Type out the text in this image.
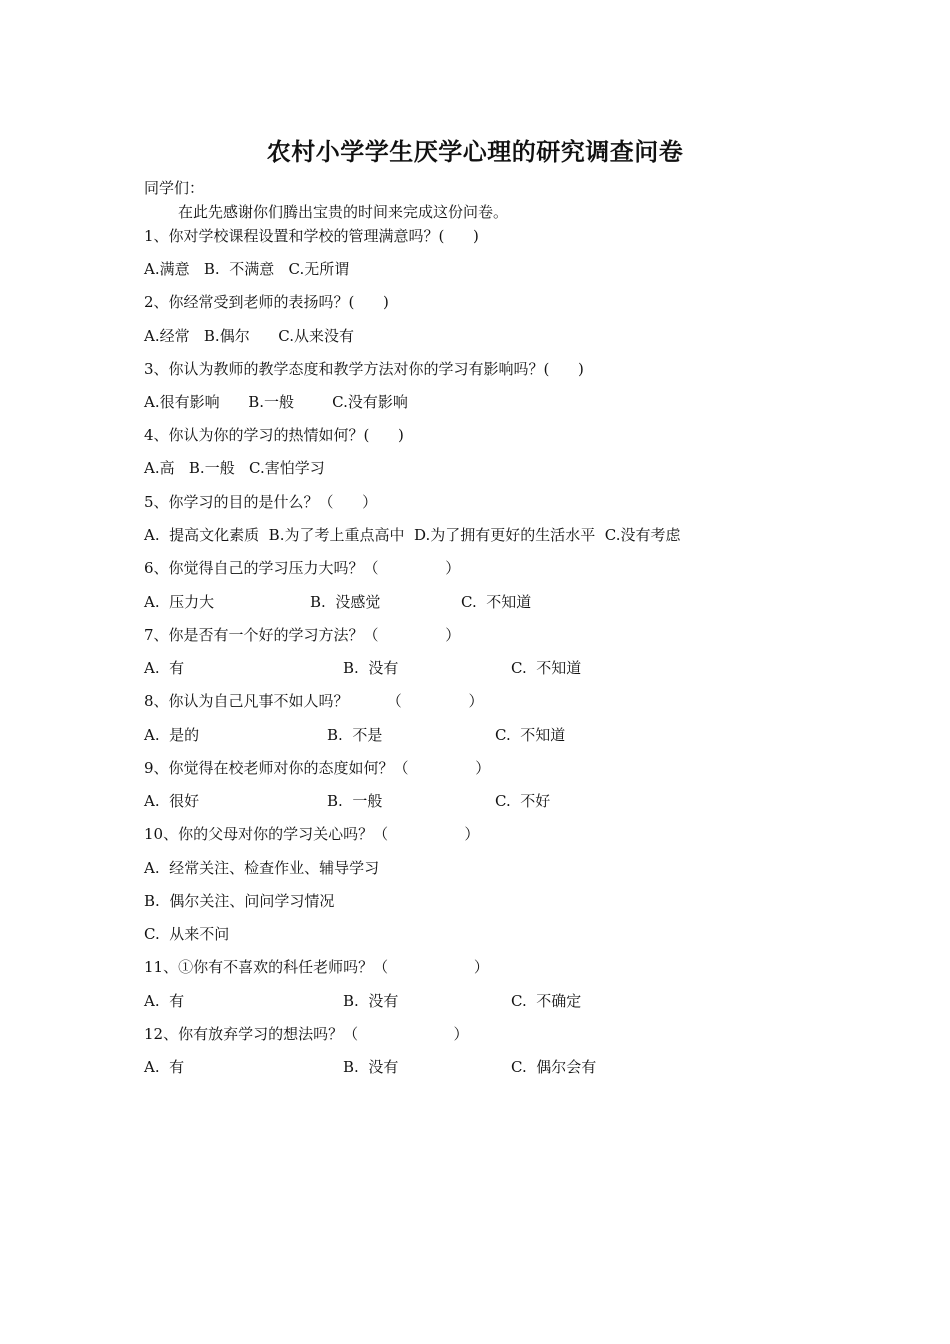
农村小学学生厌学心理的研究调查问卷
同学们：
在此先感谢你们腾出宝贵的时间来完成这份问卷。
1、你对学校课程设置和学校的管理满意吗？(      )
A.满意   B.  不满意   C.无所谓
2、你经常受到老师的表扬吗？(      )
A.经常   B.偶尔      C.从来没有
3、你认为教师的教学态度和教学方法对你的学习有影响吗？(      )
A.很有影响      B.一般        C.没有影响
4、你认为你的学习的热情如何？(      )
A.高   B.一般   C.害怕学习
5、你学习的目的是什么？（      ）
A.  提高文化素质  B.为了考上重点高中  D.为了拥有更好的生活水平  C.没有考虑
6、你觉得自己的学习压力大吗？（              ）
A.  压力大	B.  没感觉	C.  不知道
7、你是否有一个好的学习方法？（              ）
A.  有	B.  没有	C.  不知道
8、你认为自己凡事不如人吗？        （              ）
A.  是的	B.  不是	C.  不知道
9、你觉得在校老师对你的态度如何？（              ）
A.  很好	B.  一般	C.  不好
10、你的父母对你的学习关心吗？（                ）
A.  经常关注、检查作业、辅导学习
B.  偶尔关注、问问学习情况
C.  从来不问
11、①你有不喜欢的科任老师吗？（                  ）
A.  有	B.  没有	C.  不确定
12、你有放弃学习的想法吗？（                    ）
A.  有	B.  没有	C.  偶尔会有
